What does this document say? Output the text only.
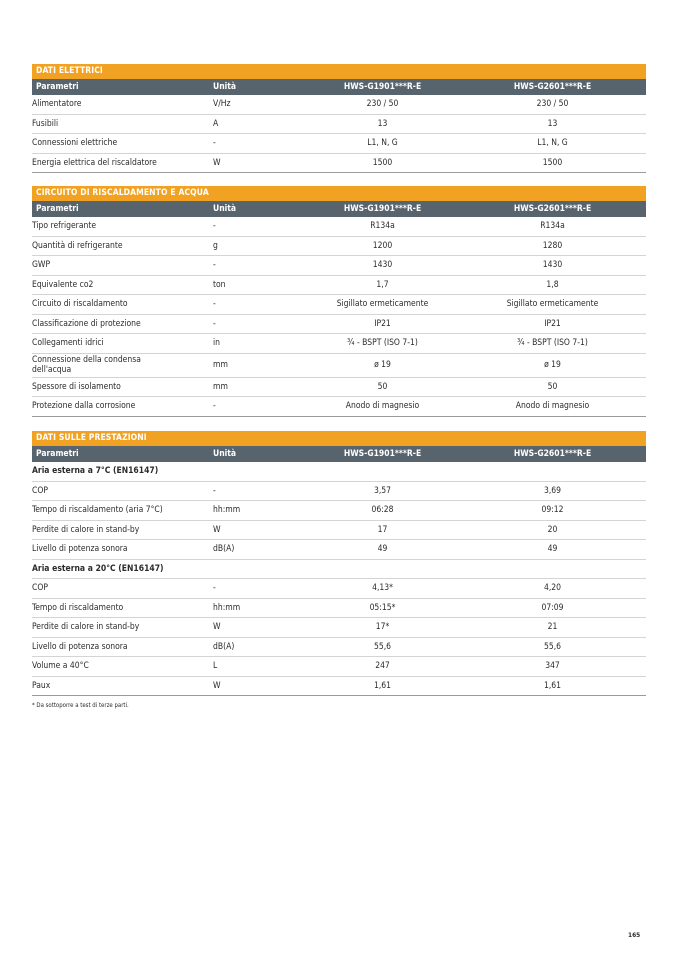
DATI ELETTRICI
Parametri	Unità	HWS-G1901***R-E	HWS-G2601***R-E
Alimentatore	V/Hz	230 / 50	230 / 50
Fusibili	A	13	13
Connessioni elettriche	-	L1, N, G	L1, N, G
Energia elettrica del riscaldatore	W	1500	1500
CIRCUITO DI RISCALDAMENTO E ACQUA
Parametri	Unità	HWS-G1901***R-E	HWS-G2601***R-E
Tipo refrigerante	-	R134a	R134a
Quantità di refrigerante	g	1200	1280
GWP	-	1430	1430
Equivalente co2	ton	1,7	1,8
Circuito di riscaldamento	-	Sigillato ermeticamente	Sigillato ermeticamente
Classificazione di protezione	-	IP21	IP21
Collegamenti idrici	in	¾ - BSPT (ISO 7-1)	¾ - BSPT (ISO 7-1)
Connessione della condensa dell'acqua	mm	ø 19	ø 19
Spessore di isolamento	mm	50	50
Protezione dalla corrosione	-	Anodo di magnesio	Anodo di magnesio
DATI SULLE PRESTAZIONI
Parametri	Unità	HWS-G1901***R-E	HWS-G2601***R-E
Aria esterna a 7°C (EN16147)
COP	-	3,57	3,69
Tempo di riscaldamento (aria 7°C)	hh:mm	06:28	09:12
Perdite di calore in stand-by	W	17	20
Livello di potenza sonora	dB(A)	49	49
Aria esterna a 20°C (EN16147)
COP	-	4,13*	4,20
Tempo di riscaldamento	hh:mm	05:15*	07:09
Perdite di calore in stand-by	W	17*	21
Livello di potenza sonora	dB(A)	55,6	55,6
Volume a 40°C	L	247	347
Paux	W	1,61	1,61
* Da sottoporre a test di terze parti.
165
